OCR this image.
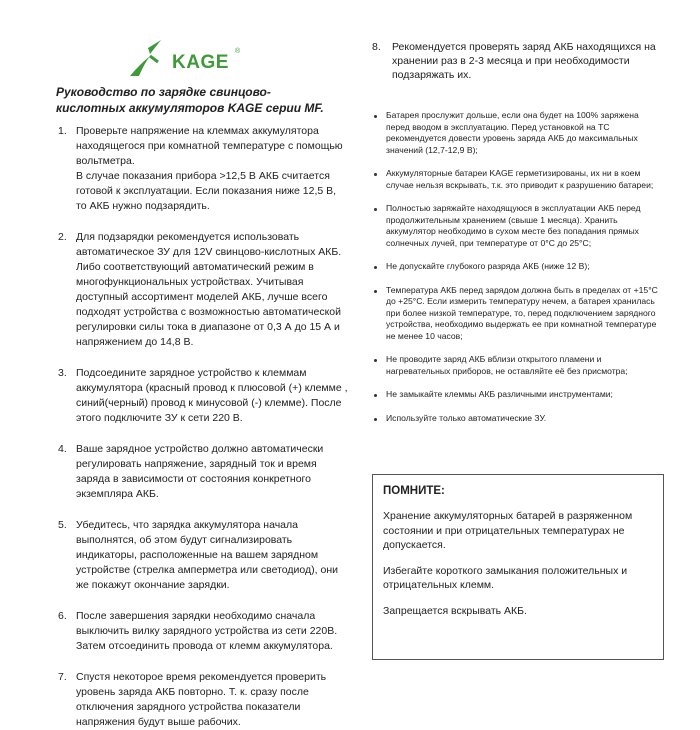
KAGE
®
Руководство по зарядке свинцово-кислотных аккумуляторов KAGE серии MF.
1. Проверьте напряжение на клеммах аккумулятора находящегося при комнатной температуре с помощью вольтметра.

В случае показания прибора >12,5 В АКБ считается готовой к эксплуатации. Если показания ниже 12,5 В, то АКБ нужно подзарядить.

2. Для подзарядки рекомендуется использовать автоматическое ЗУ для 12V свинцово-кислотных АКБ. Либо соответствующий автоматический режим в многофункциональных устройствах. Учитывая доступный ассортимент моделей АКБ, лучше всего подходят устройства с возможностью автоматической регулировки силы тока в диапазоне от 0,3 А до 15 А и напряжением до 14,8 В.

3. Подсоедините зарядное устройство к клеммам аккумулятора (красный провод к плюсовой (+) клемме , синий(черный) провод к минусовой (-) клемме). После этого подключите ЗУ к сети 220 В.

4. Ваше зарядное устройство должно автоматически регулировать напряжение, зарядный ток и время заряда в зависимости от состояния конкретного экземпляра АКБ.

5. Убедитесь, что зарядка аккумулятора начала выполнятся, об этом будут сигнализировать индикаторы, расположенные на вашем зарядном устройстве (стрелка амперметра или светодиод), они же покажут окончание зарядки.

6. После завершения зарядки необходимо сначала выключить вилку зарядного устройства из сети 220В. Затем отсоединить провода от клемм аккумулятора.

7. Спустя некоторое время рекомендуется проверить уровень заряда АКБ повторно. Т. к. сразу после отключения зарядного устройства показатели напряжения будут выше рабочих.

8. Рекомендуется проверять заряд АКБ находящихся на хранении раз в 2-3 месяца и при необходимости подзаряжать их.
Батарея прослужит дольше, если она будет на 100% заряжена перед вводом в эксплуатацию. Перед установкой на ТС рекомендуется довести уровень заряда АКБ до максимальных значений (12,7-12,9 В);
Аккумуляторные батареи KAGE герметизированы, их ни в коем случае нельзя вскрывать, т.к. это приводит к разрушению батареи;
Полностью заряжайте находящуюся в эксплуатации АКБ перед продолжительным хранением (свыше 1 месяца). Хранить аккумулятор необходимо в сухом месте без попадания прямых солнечных лучей, при температуре от 0°C до 25°C;
Не допускайте глубокого разряда АКБ (ниже 12 В);
Температура АКБ перед зарядом должна быть в пределах от +15°C до +25°C. Если измерить температуру нечем, а батарея хранилась при более низкой температуре, то, перед подключением зарядного устройства, необходимо выдержать ее при комнатной температуре не менее 10 часов;
Не проводите заряд АКБ вблизи открытого пламени и нагревательных приборов, не оставляйте её без присмотра;
Не замыкайте клеммы АКБ различными инструментами;
Используйте только автоматические ЗУ.
ПОМНИТЕ:

Хранение аккумуляторных батарей в разряженном состоянии и при отрицательных температурах не допускается.

Избегайте короткого замыкания положительных и отрицательных клемм.

Запрещается вскрывать АКБ.
